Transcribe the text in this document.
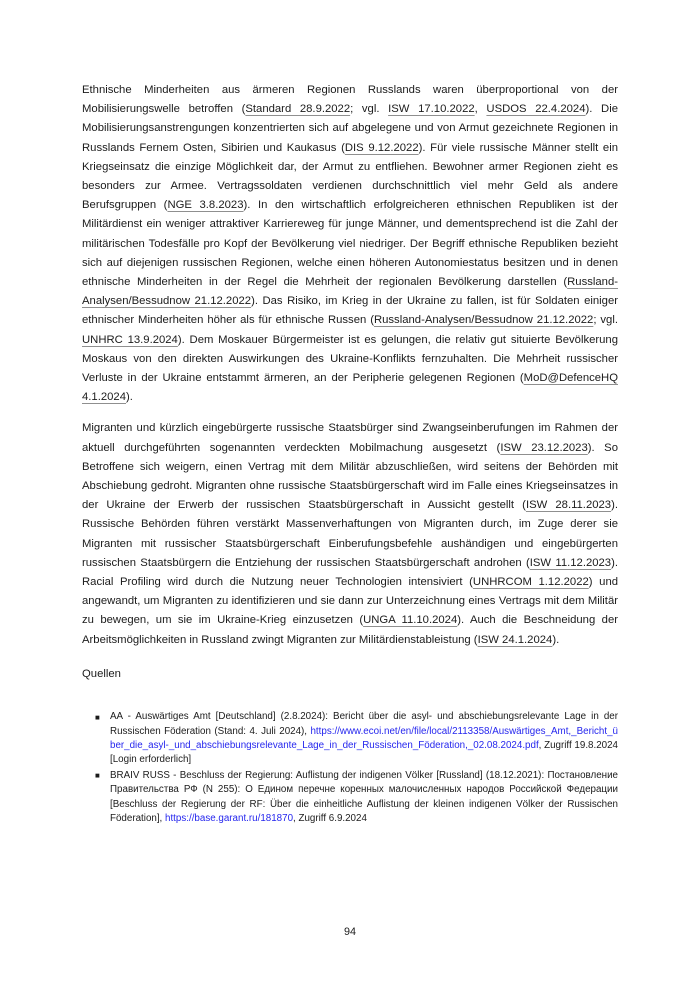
Ethnische Minderheiten aus ärmeren Regionen Russlands waren überproportional von der Mobilisierungswelle betroffen (Standard 28.9.2022; vgl. ISW 17.10.2022, USDOS 22.4.2024). Die Mobilisierungsanstrengungen konzentrierten sich auf abgelegene und von Armut gezeichnete Regionen in Russlands Fernem Osten, Sibirien und Kaukasus (DIS 9.12.2022). Für viele russische Männer stellt ein Kriegseinsatz die einzige Möglichkeit dar, der Armut zu entfliehen. Bewohner armer Regionen zieht es besonders zur Armee. Vertragssoldaten verdienen durchschnittlich viel mehr Geld als andere Berufsgruppen (NGE 3.8.2023). In den wirtschaftlich erfolgreicheren ethnischen Republiken ist der Militärdienst ein weniger attraktiver Karriereweg für junge Männer, und dementsprechend ist die Zahl der militärischen Todesfälle pro Kopf der Bevölkerung viel niedriger. Der Begriff ethnische Republiken bezieht sich auf diejenigen russischen Regionen, welche einen höheren Autonomiestatus besitzen und in denen ethnische Minderheiten in der Regel die Mehrheit der regionalen Bevölkerung darstellen (Russland-Analysen/Bessudnow 21.12.2022). Das Risiko, im Krieg in der Ukraine zu fallen, ist für Soldaten einiger ethnischer Minderheiten höher als für ethnische Russen (Russland-Analysen/Bessudnow 21.12.2022; vgl. UNHRC 13.9.2024). Dem Moskauer Bürgermeister ist es gelungen, die relativ gut situierte Bevölkerung Moskaus von den direkten Auswirkungen des Ukraine-Konflikts fernzuhalten. Die Mehrheit russischer Verluste in der Ukraine entstammt ärmeren, an der Peripherie gelegenen Regionen (MoD@DefenceHQ 4.1.2024).

Migranten und kürzlich eingebürgerte russische Staatsbürger sind Zwangseinberufungen im Rahmen der aktuell durchgeführten sogenannten verdeckten Mobilmachung ausgesetzt (ISW 23.12.2023). So Betroffene sich weigern, einen Vertrag mit dem Militär abzuschließen, wird seitens der Behörden mit Abschiebung gedroht. Migranten ohne russische Staatsbürgerschaft wird im Falle eines Kriegseinsatzes in der Ukraine der Erwerb der russischen Staatsbürgerschaft in Aussicht gestellt (ISW 28.11.2023). Russische Behörden führen verstärkt Massenverhaftungen von Migranten durch, im Zuge derer sie Migranten mit russischer Staatsbürgerschaft Einberufungsbefehle aushändigen und eingebürgerten russischen Staatsbürgern die Entziehung der russischen Staatsbürgerschaft androhen (ISW 11.12.2023). Racial Profiling wird durch die Nutzung neuer Technologien intensiviert (UNHRCOM 1.12.2022) und angewandt, um Migranten zu identifizieren und sie dann zur Unterzeichnung eines Vertrags mit dem Militär zu bewegen, um sie im Ukraine-Krieg einzusetzen (UNGA 11.10.2024). Auch die Beschneidung der Arbeitsmöglichkeiten in Russland zwingt Migranten zur Militärdienstableistung (ISW 24.1.2024).

Quellen

■ AA - Auswärtiges Amt [Deutschland] (2.8.2024): Bericht über die asyl- und abschiebungsrelevante Lage in der Russischen Föderation (Stand: 4. Juli 2024), https://www.ecoi.net/en/file/local/2113358/Auswärtiges_Amt,_Bericht_über_die_asyl-_und_abschiebungsrelevante_Lage_in_der_Russischen_Föderation,_02.08.2024.pdf, Zugriff 19.8.2024 [Login erforderlich]
■ BRAIV RUSS - Beschluss der Regierung: Auflistung der indigenen Völker [Russland] (18.12.2021): Постановление Правительства РФ (N 255): О Едином перечне коренных малочисленных народов Российской Федерации [Beschluss der Regierung der RF: Über die einheitliche Auflistung der kleinen indigenen Völker der Russischen Föderation], https://base.garant.ru/181870, Zugriff 6.9.2024
94
